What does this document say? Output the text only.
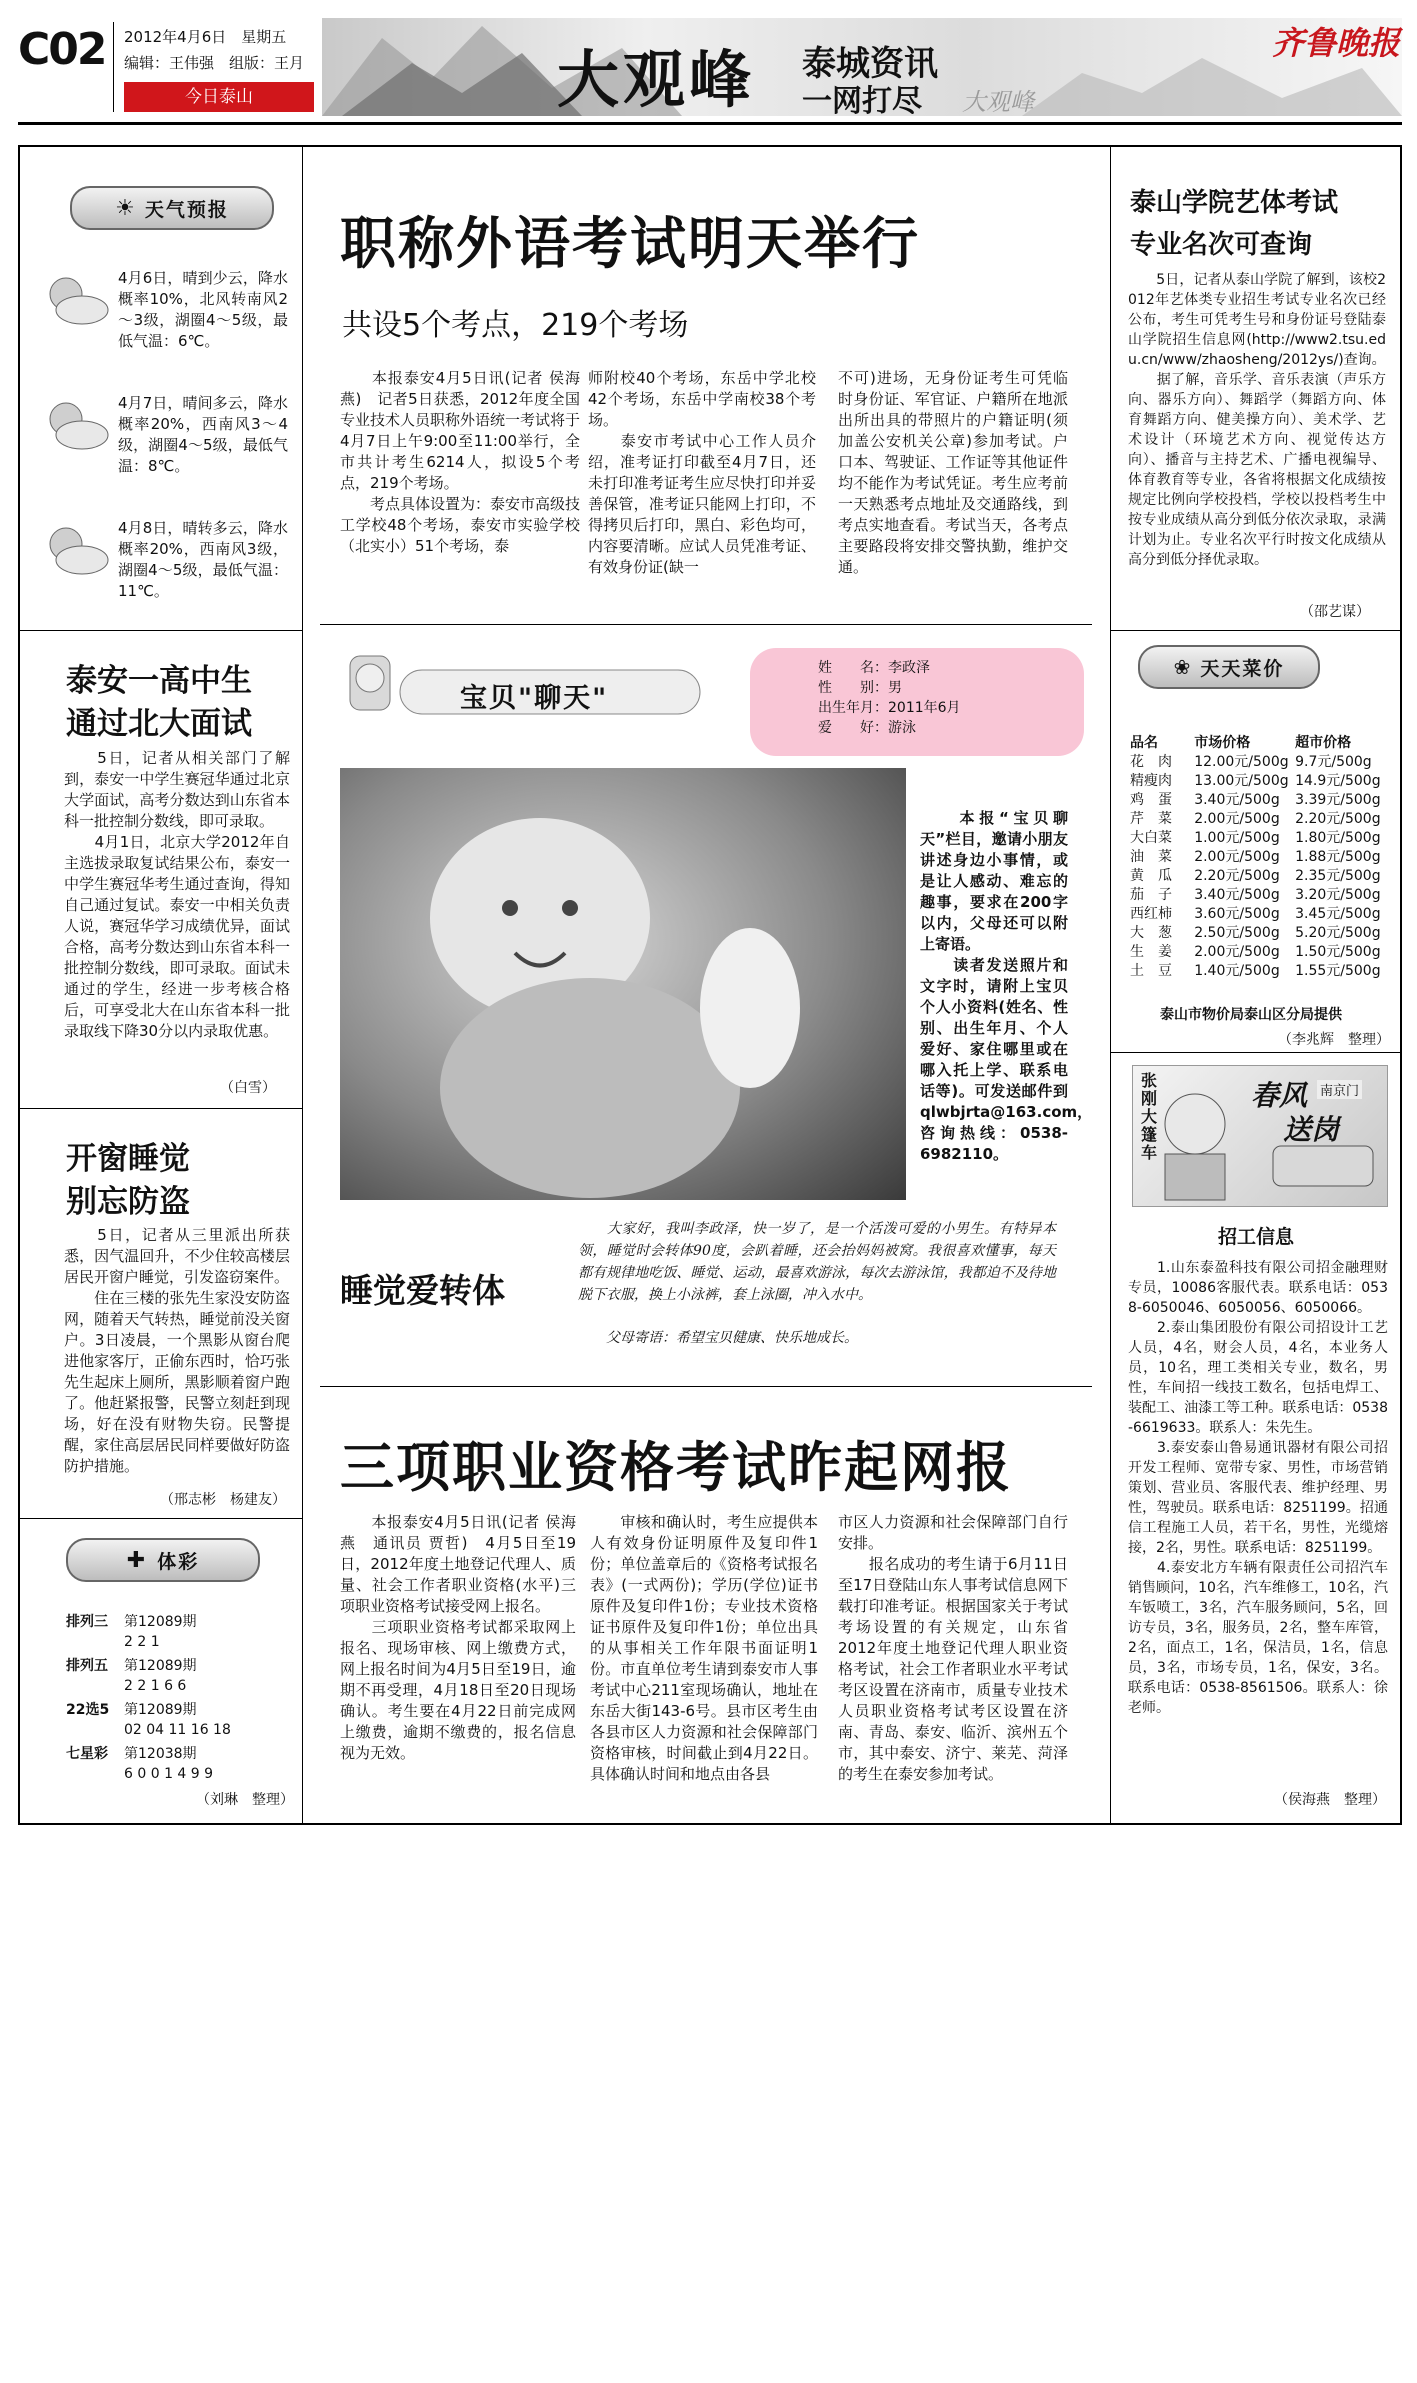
C02 2012年4月6日　星期五
编辑：王伟强　组版：王月
今日泰山	大观峰 泰城资讯
一网打尽 大观峰
齐鲁晚报
☀ 天气预报

4月6日，晴到少云，降水概率10%，北风转南风2～3级，湖圈4～5级，最低气温：6℃。

4月7日，晴间多云，降水概率20%，西南风3～4级，湖圈4～5级，最低气温：8℃。

4月8日，晴转多云，降水概率20%，西南风3级，湖圈4～5级，最低气温：11℃。

泰安一高中生
通过北大面试

　　5日，记者从相关部门了解到，泰安一中学生赛冠华通过北京大学面试，高考分数达到山东省本科一批控制分数线，即可录取。
　　4月1日，北京大学2012年自主选拔录取复试结果公布，泰安一中学生赛冠华考生通过查询，得知自己通过复试。泰安一中相关负责人说，赛冠华学习成绩优异，面试合格，高考分数达到山东省本科一批控制分数线，即可录取。面试未通过的学生，经进一步考核合格后，可享受北大在山东省本科一批录取线下降30分以内录取优惠。

（白雪）
开窗睡觉
别忘防盗

　　5日，记者从三里派出所获悉，因气温回升，不少住较高楼层居民开窗户睡觉，引发盗窃案件。
　　住在三楼的张先生家没安防盗网，随着天气转热，睡觉前没关窗户。3日凌晨，一个黑影从窗台爬进他家客厅，正偷东西时，恰巧张先生起床上厕所，黑影顺着窗户跑了。他赶紧报警，民警立刻赶到现场，好在没有财物失窃。民警提醒，家住高层居民同样要做好防盗防护措施。

（邢志彬　杨建友）
✚ 体彩
排列三	第12089期
2 2 1
排列五	第12089期
2 2 1 6 6
22选5	第12089期
02 04 11 16 18
七星彩	第12038期
6 0 0 1 4 9 9
（刘琳　整理）
职称外语考试明天举行
共设5个考点，219个考场

　　本报泰安4月5日讯(记者 侯海燕)　记者5日获悉，2012年度全国专业技术人员职称外语统一考试将于4月7日上午9:00至11:00举行，全市共计考生6214人，拟设5个考点，219个考场。
　　考点具体设置为：泰安市高级技工学校48个考场，泰安市实验学校（北实小）51个考场，泰

师附校40个考场，东岳中学北校42个考场，东岳中学南校38个考场。
　　泰安市考试中心工作人员介绍，准考证打印截至4月7日，还未打印准考证考生应尽快打印并妥善保管，准考证只能网上打印，不得拷贝后打印，黑白、彩色均可，内容要清晰。应试人员凭准考证、有效身份证(缺一

不可)进场，无身份证考生可凭临时身份证、军官证、户籍所在地派出所出具的带照片的户籍证明(须加盖公安机关公章)参加考试。户口本、驾驶证、工作证等其他证件均不能作为考试凭证。考生应考前一天熟悉考点地址及交通路线，到考点实地查看。考试当天，各考点主要路段将安排交警执勤，维护交通。

宝贝"聊天"
姓　　名：李政泽
性　　别：男
出生年月：2011年6月
爱　　好：游泳

　　本报“宝贝聊天”栏目，邀请小朋友讲述身边小事情，或是让人感动、难忘的趣事，要求在200字以内，父母还可以附上寄语。
　　读者发送照片和文字时，请附上宝贝个人小资料(姓名、性别、出生年月、个人爱好、家住哪里或在哪入托上学、联系电话等)。可发送邮件到qlwbjrta@163.com，咨询热线：0538-6982110。

睡觉爱转体

　　大家好，我叫李政泽，快一岁了，是一个活泼可爱的小男生。有特异本领，睡觉时会转体90度，会趴着睡，还会抬妈妈被窝。我很喜欢懂事，每天都有规律地吃饭、睡觉、运动，最喜欢游泳，每次去游泳馆，我都迫不及待地脱下衣服，换上小泳裤，套上泳圈，冲入水中。

　　父母寄语：希望宝贝健康、快乐地成长。

三项职业资格考试昨起网报

　　本报泰安4月5日讯(记者 侯海燕　通讯员 贾哲)　4月5日至19日，2012年度土地登记代理人、质量、社会工作者职业资格(水平)三项职业资格考试接受网上报名。
　　三项职业资格考试都采取网上报名、现场审核、网上缴费方式，网上报名时间为4月5日至19日，逾期不再受理，4月18日至20日现场确认。考生要在4月22日前完成网上缴费，逾期不缴费的，报名信息视为无效。

　　审核和确认时，考生应提供本人有效身份证明原件及复印件1份；单位盖章后的《资格考试报名表》(一式两份)；学历(学位)证书原件及复印件1份；专业技术资格证书原件及复印件1份；单位出具的从事相关工作年限书面证明1份。市直单位考生请到泰安市人事考试中心211室现场确认，地址在东岳大街143-6号。县市区考生由各县市区人力资源和社会保障部门资格审核，时间截止到4月22日。具体确认时间和地点由各县

市区人力资源和社会保障部门自行安排。
　　报名成功的考生请于6月11日至17日登陆山东人事考试信息网下载打印准考证。根据国家关于考试考场设置的有关规定，山东省2012年度土地登记代理人职业资格考试，社会工作者职业水平考试考区设置在济南市，质量专业技术人员职业资格考试考区设置在济南、青岛、泰安、临沂、滨州五个市，其中泰安、济宁、莱芜、菏泽的考生在泰安参加考试。

泰山学院艺体考试
专业名次可查询

　　5日，记者从泰山学院了解到，该校2012年艺体类专业招生考试专业名次已经公布，考生可凭考生号和身份证号登陆泰山学院招生信息网(http://www2.tsu.edu.cn/www/zhaosheng/2012ys/)查询。
　　据了解，音乐学、音乐表演（声乐方向、器乐方向）、舞蹈学（舞蹈方向、体育舞蹈方向、健美操方向）、美术学、艺术设计（环境艺术方向、视觉传达方向）、播音与主持艺术、广播电视编导、体育教育等专业，各省将根据文化成绩按规定比例向学校投档，学校以投档考生中按专业成绩从高分到低分依次录取，录满计划为止。专业名次平行时按文化成绩从高分到低分择优录取。

（邵艺谋）
❀ 天天菜价
品名	市场价格	超市价格
花　肉	12.00元/500g 9.7元/500g
精瘦肉	13.00元/500g 14.9元/500g
鸡　蛋	3.40元/500g	3.39元/500g
芹　菜	2.00元/500g	2.20元/500g
大白菜	1.00元/500g	1.80元/500g
油　菜	2.00元/500g	1.88元/500g
黄　瓜	2.20元/500g	2.35元/500g
茄　子	3.40元/500g	3.20元/500g
西红柿	3.60元/500g	3.45元/500g
大　葱	2.50元/500g	5.20元/500g
生　姜	2.00元/500g	1.50元/500g
土　豆	1.40元/500g	1.55元/500g
泰山市物价局泰山区分局提供
（李兆辉　整理）
春风
送岗
南京门
张刚大篷车
招工信息

　　1.山东泰盈科技有限公司招金融理财专员，10086客服代表。联系电话：0538-6050046、6050056、6050066。
　　2.泰山集团股份有限公司招设计工艺人员，4名，财会人员，4名，本业务人员，10名，理工类相关专业，数名，男性，车间招一线技工数名，包括电焊工、装配工、油漆工等工种。联系电话：0538-6619633。联系人：朱先生。
　　3.泰安泰山鲁易通讯器材有限公司招开发工程师、宽带专家、男性，市场营销策划、营业员、客服代表、维护经理、男性，驾驶员。联系电话：8251199。招通信工程施工人员，若干名，男性，光缆熔接，2名，男性。联系电话：8251199。
　　4.泰安北方车辆有限责任公司招汽车销售顾问，10名，汽车维修工，10名，汽车钣喷工，3名，汽车服务顾问，5名，回访专员，3名，服务员，2名，整车库管，2名，面点工，1名，保洁员，1名，信息员，3名，市场专员，1名，保安，3名。联系电话：0538-8561506。联系人：徐老师。

（侯海燕　整理）
